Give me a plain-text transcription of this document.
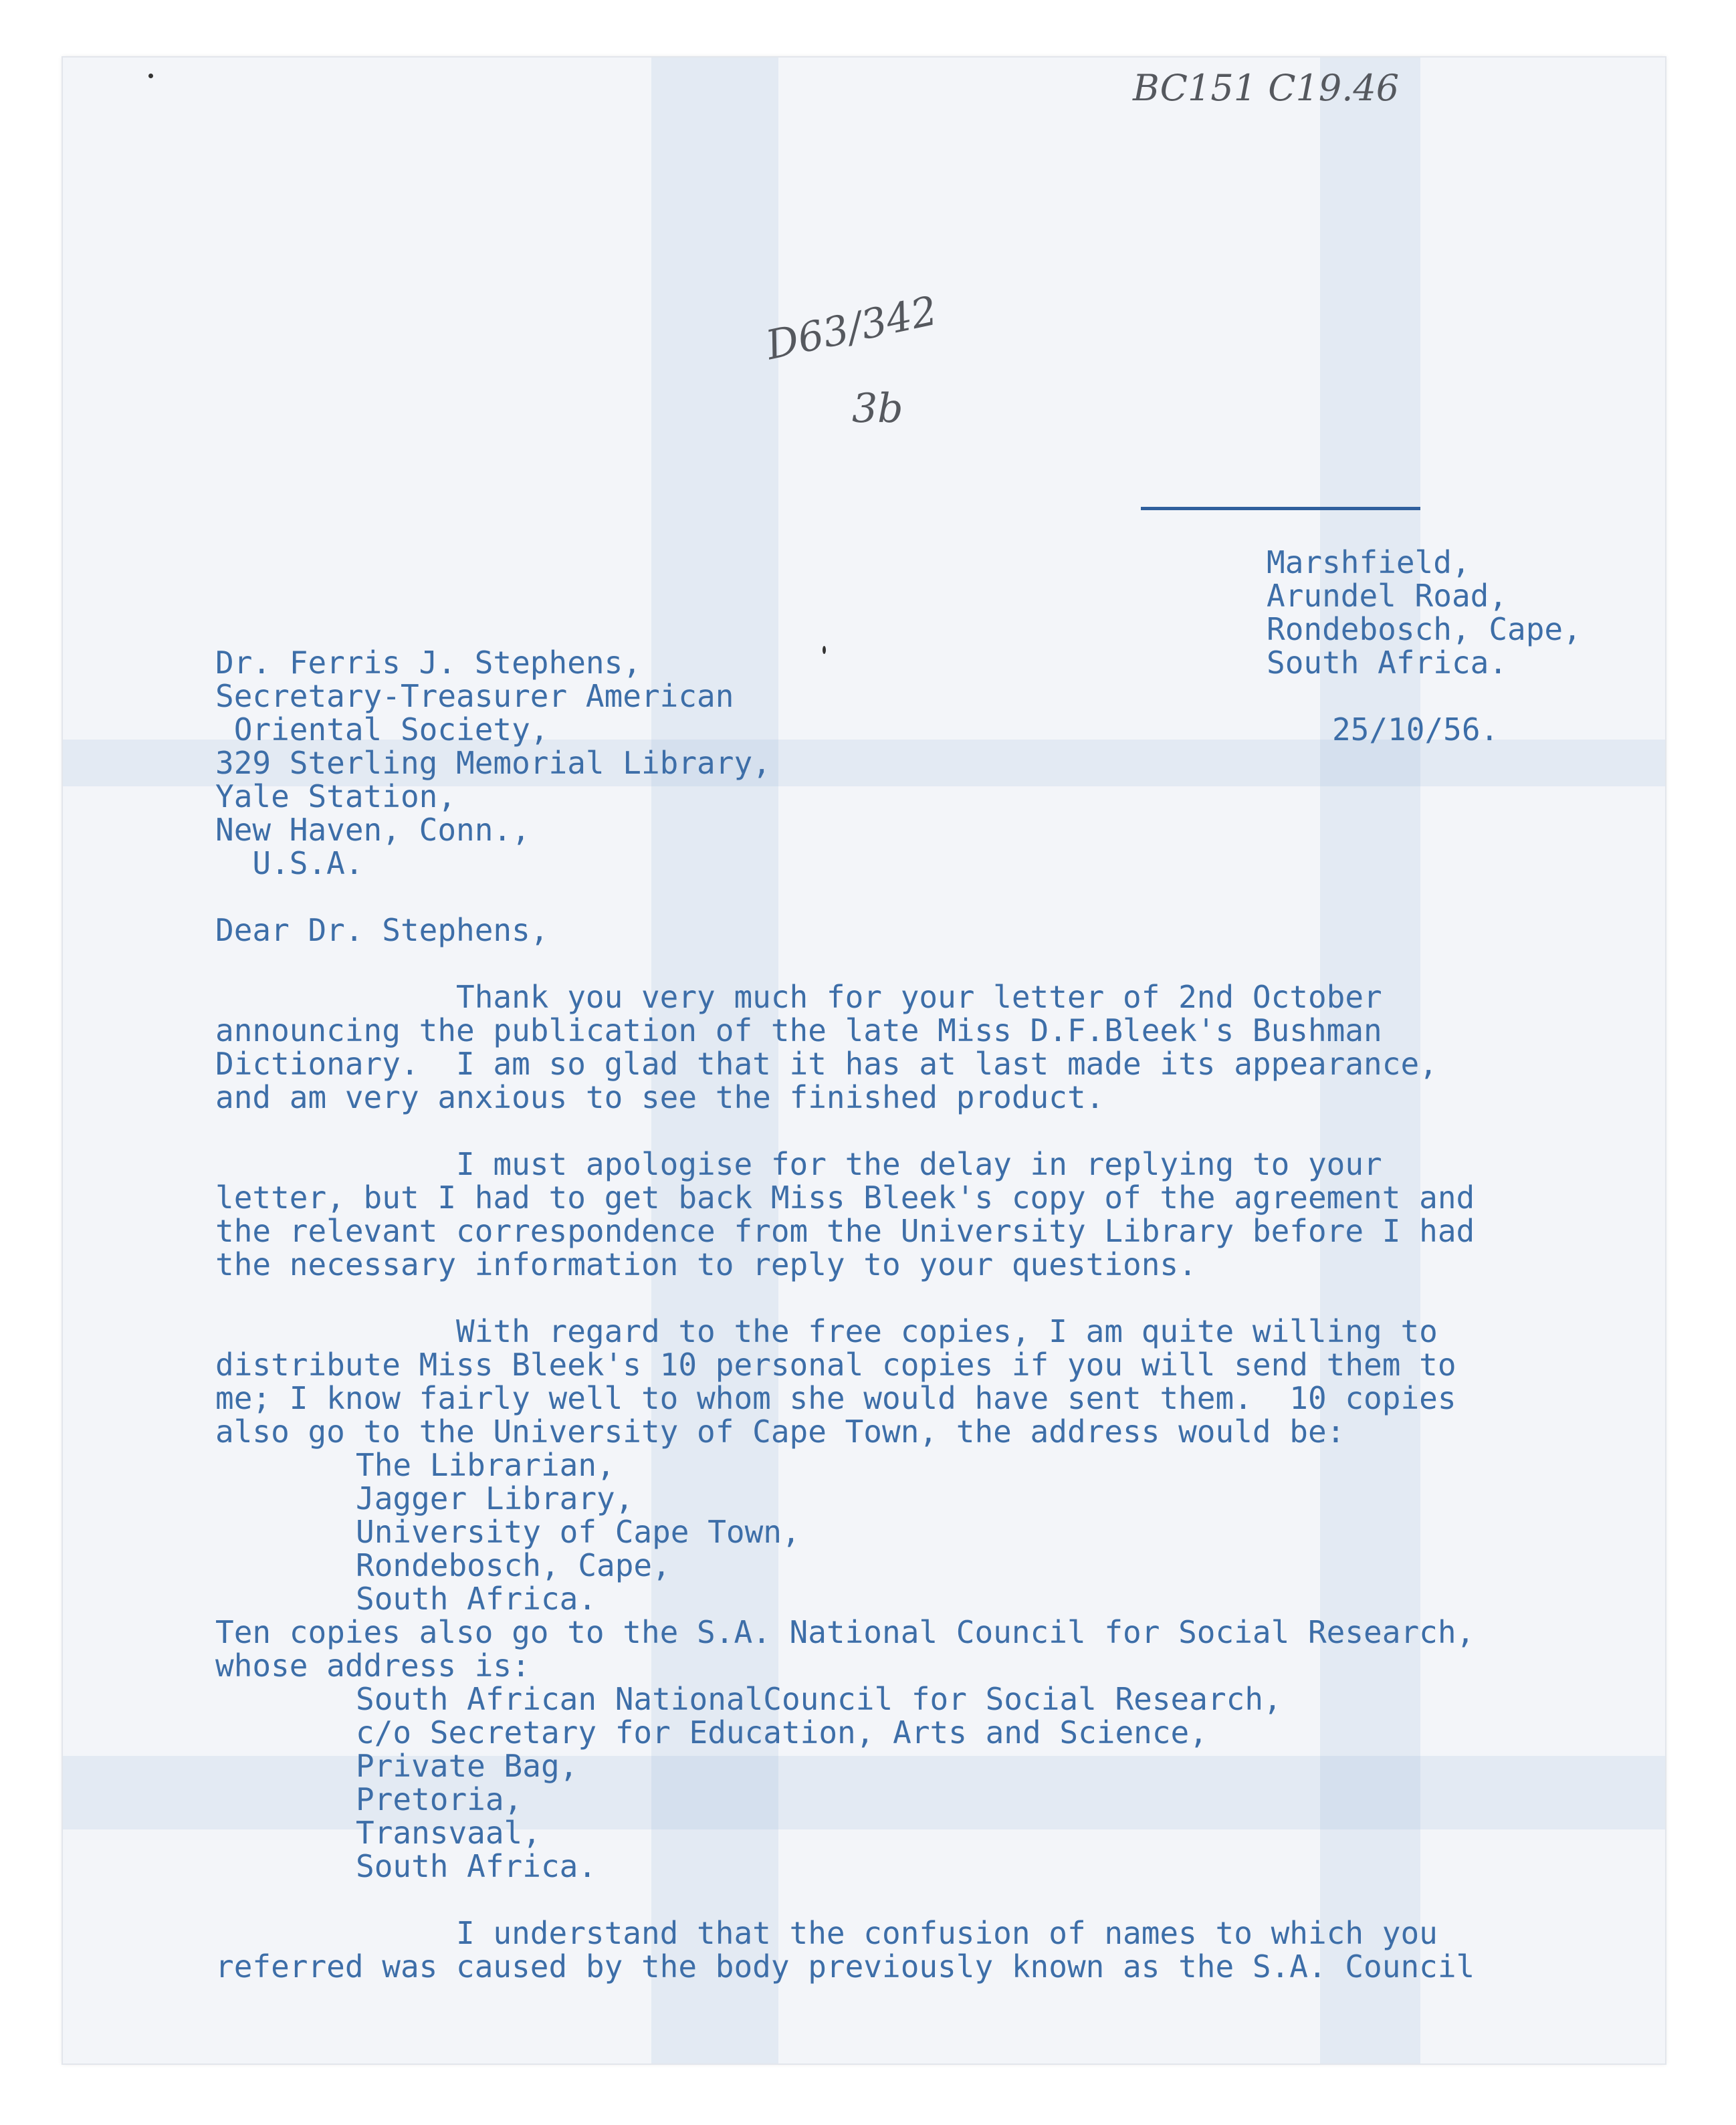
BC151 C19.46
D63/342
3b

Marshfield,

Arundel Road,

Rondebosch, Cape,

South Africa.

Dr. Ferris J. Stephens,

Secretary-Treasurer American

Oriental Society,

329 Sterling Memorial Library,

Yale Station,

New Haven, Conn.,

U.S.A.

25/10/56.

Dear Dr. Stephens,

Thank you very much for your letter of 2nd October

announcing the publication of the late Miss D.F.Bleek's Bushman

Dictionary.  I am so glad that it has at last made its appearance,

and am very anxious to see the finished product.

I must apologise for the delay in replying to your

letter, but I had to get back Miss Bleek's copy of the agreement and

the relevant correspondence from the University Library before I had

the necessary information to reply to your questions.

With regard to the free copies, I am quite willing to

distribute Miss Bleek's 10 personal copies if you will send them to

me; I know fairly well to whom she would have sent them.  10 copies

also go to the University of Cape Town, the address would be:

The Librarian,

Jagger Library,

University of Cape Town,

Rondebosch, Cape,

South Africa.

Ten copies also go to the S.A. National Council for Social Research,

whose address is:

South African NationalCouncil for Social Research,

c/o Secretary for Education, Arts and Science,

Private Bag,

Pretoria,

Transvaal,

South Africa.

I understand that the confusion of names to which you

referred was caused by the body previously known as the S.A. Council
